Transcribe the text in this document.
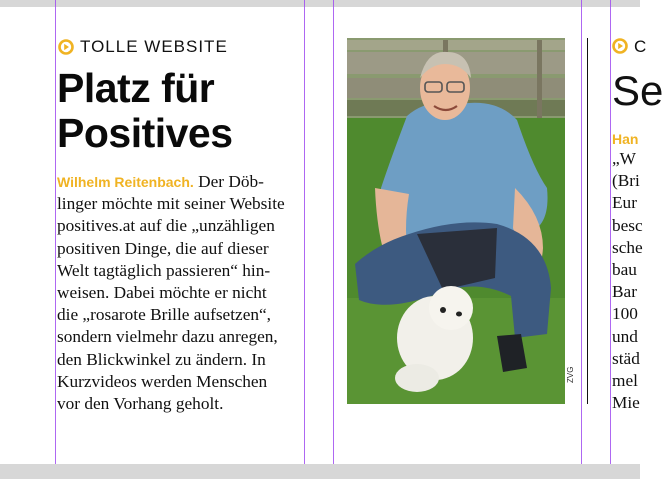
TOLLE WEBSITE
Platz für
Positives
Wilhelm Reitenbach. Der Döb-
linger möchte mit seiner Website
positives.at auf die „unzähligen
positiven Dinge, die auf dieser
Welt tagtäglich passieren“ hin-
weisen. Dabei möchte er nicht
die „rosarote Brille aufsetzen“,
sondern vielmehr dazu anregen,
den Blickwinkel zu ändern. In
Kurzvideos werden Menschen
vor den Vorhang geholt.
ZVG
C
Se
Han
„W
(Bri
Eur
besc
sche
bau
Bar
100
und
städ
mel
Mie
